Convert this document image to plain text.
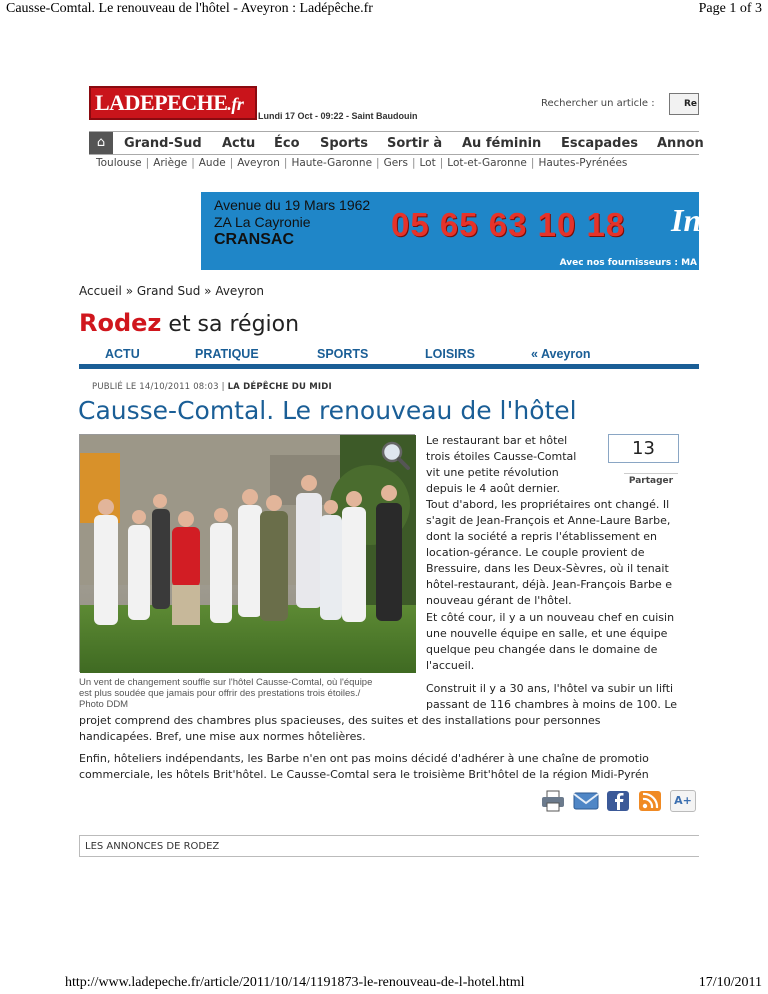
Causse-Comtal. Le renouveau de l'hôtel - Aveyron : Ladépêche.fr	Page 1 of 3
LADEPECHE.fr
Lundi 17 Oct - 09:22 - Saint Baudouin
Rechercher un article :	Re
⌂	Grand-Sud Actu Éco Sports Sortir à Au féminin Escapades Annon
Toulouse | Ariège | Aude | Aveyron | Haute-Garonne | Gers | Lot | Lot-et-Garonne | Hautes-Pyrénées
Avenue du 19 Mars 1962
ZA La Cayronie
CRANSAC	05 65 63 10 18 In
Avec nos fournisseurs : MA
Accueil » Grand Sud » Aveyron
Rodez et sa région
ACTU	PRATIQUE	SPORTS	LOISIRS	« Aveyron
PUBLIÉ LE 14/10/2011 08:03 | LA DÉPÊCHE DU MIDI
Causse-Comtal. Le renouveau de l'hôtel
Un vent de changement souffle sur l'hôtel Causse-Comtal, où l'équipe
est plus soudée que jamais pour offrir des prestations trois étoiles./
Photo DDM
13
Partager
Le restaurant bar et hôtel
trois étoiles Causse-Comtal
vit une petite révolution
depuis le 4 août dernier.
Tout d'abord, les propriétaires ont changé. Il
s'agit de Jean-François et Anne-Laure Barbe,
dont la société a repris l'établissement en
location-gérance. Le couple provient de
Bressuire, dans les Deux-Sèvres, où il tenait
hôtel-restaurant, déjà. Jean-François Barbe e
nouveau gérant de l'hôtel.
Et côté cour, il y a un nouveau chef en cuisin
une nouvelle équipe en salle, et une équipe
quelque peu changée dans le domaine de
l'accueil.
Construit il y a 30 ans, l'hôtel va subir un lifti
passant de 116 chambres à moins de 100. Le
projet comprend des chambres plus spacieuses, des suites et des installations pour personnes
handicapées. Bref, une mise aux normes hôtelières.
Enfin, hôteliers indépendants, les Barbe n'en ont pas moins décidé d'adhérer à une chaîne de promotio
commerciale, les hôtels Brit'hôtel. Le Causse-Comtal sera le troisième Brit'hôtel de la région Midi-Pyrén
A+
LES ANNONCES DE RODEZ
http://www.ladepeche.fr/article/2011/10/14/1191873-le-renouveau-de-l-hotel.html	17/10/2011
